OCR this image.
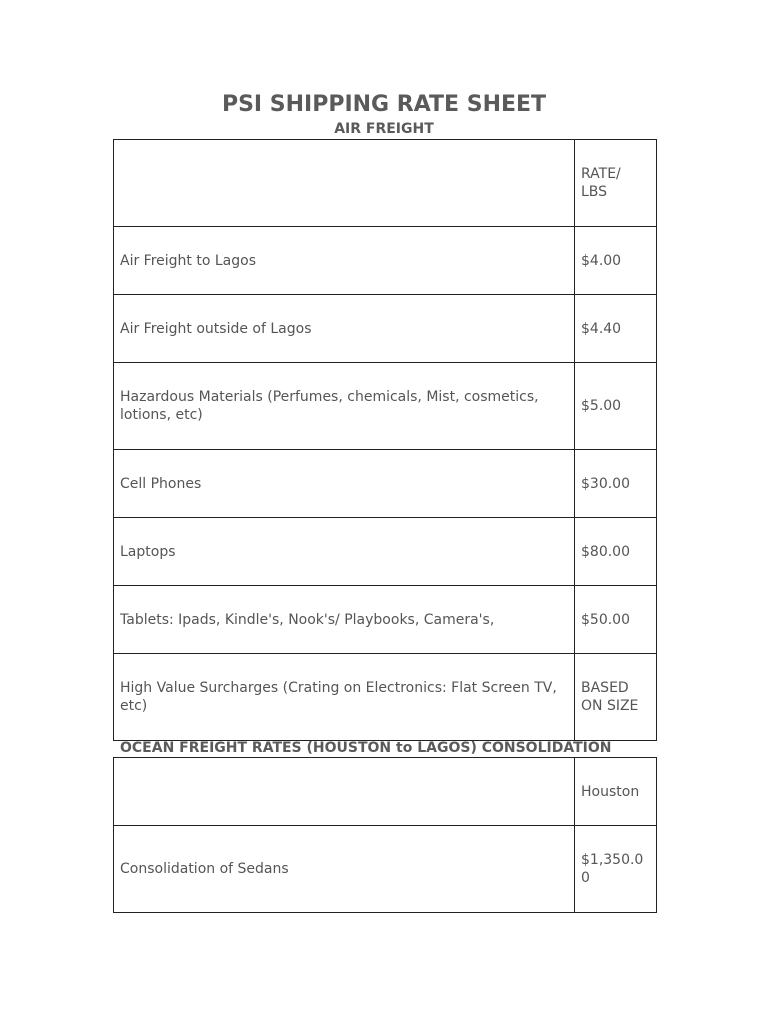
PSI SHIPPING RATE SHEET
AIR FREIGHT
	RATE/ LBS
Air Freight to Lagos	$4.00
Air Freight outside of Lagos	$4.40
Hazardous Materials (Perfumes, chemicals, Mist, cosmetics, lotions, etc)	$5.00
Cell Phones	$30.00
Laptops	$80.00
Tablets: Ipads, Kindle's, Nook's/ Playbooks, Camera's,	$50.00
High Value Surcharges (Crating on Electronics: Flat Screen TV, etc)	BASED ON SIZE
OCEAN FREIGHT RATES (HOUSTON to LAGOS) CONSOLIDATION
	Houston
Consolidation of Sedans	$1,350.00
